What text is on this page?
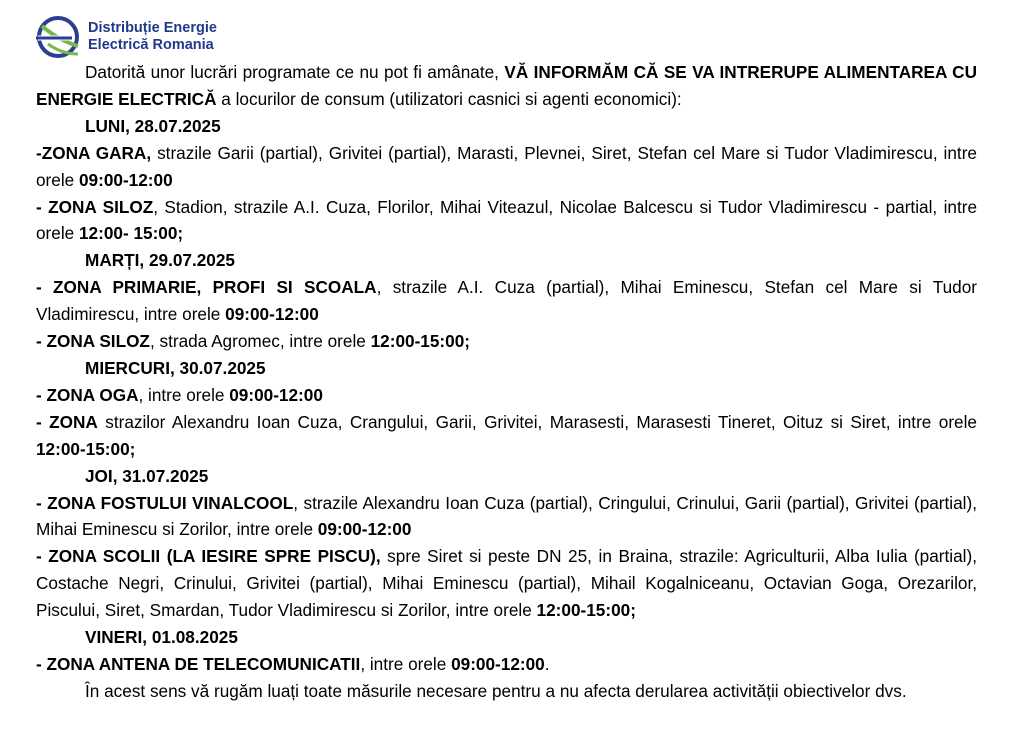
Distribuție Energie
Electrică Romania

Datorită unor lucrări programate ce nu pot fi amânate, VĂ INFORMĂM CĂ SE VA INTRERUPE ALIMENTAREA CU ENERGIE ELECTRICĂ a locurilor de consum (utilizatori casnici si agenti economici):

LUNI, 28.07.2025

-ZONA GARA, strazile Garii (partial), Grivitei (partial), Marasti, Plevnei, Siret, Stefan cel Mare si Tudor Vladimirescu, intre orele 09:00-12:00

- ZONA SILOZ, Stadion, strazile A.I. Cuza, Florilor, Mihai Viteazul, Nicolae Balcescu si Tudor Vladimirescu - partial, intre orele 12:00- 15:00;

MARȚI, 29.07.2025

- ZONA PRIMARIE, PROFI SI SCOALA, strazile A.I. Cuza (partial), Mihai Eminescu, Stefan cel Mare si Tudor Vladimirescu, intre orele 09:00-12:00

- ZONA SILOZ, strada Agromec, intre orele 12:00-15:00;

MIERCURI, 30.07.2025

- ZONA OGA, intre orele 09:00-12:00

- ZONA strazilor Alexandru Ioan Cuza, Crangului, Garii, Grivitei, Marasesti, Marasesti Tineret, Oituz si Siret, intre orele 12:00-15:00;

JOI, 31.07.2025

- ZONA FOSTULUI VINALCOOL, strazile Alexandru Ioan Cuza (partial), Cringului, Crinului, Garii (partial), Grivitei (partial), Mihai Eminescu si Zorilor, intre orele 09:00-12:00

- ZONA SCOLII (LA IESIRE SPRE PISCU), spre Siret si peste DN 25, in Braina, strazile: Agriculturii, Alba Iulia (partial), Costache Negri, Crinului, Grivitei (partial), Mihai Eminescu (partial), Mihail Kogalniceanu, Octavian Goga, Orezarilor, Piscului, Siret, Smardan, Tudor Vladimirescu si Zorilor, intre orele 12:00-15:00;

VINERI, 01.08.2025

- ZONA ANTENA DE TELECOMUNICATII, intre orele 09:00-12:00.

În acest sens vă rugăm luați toate măsurile necesare pentru a nu afecta derularea activității obiectivelor dvs.
